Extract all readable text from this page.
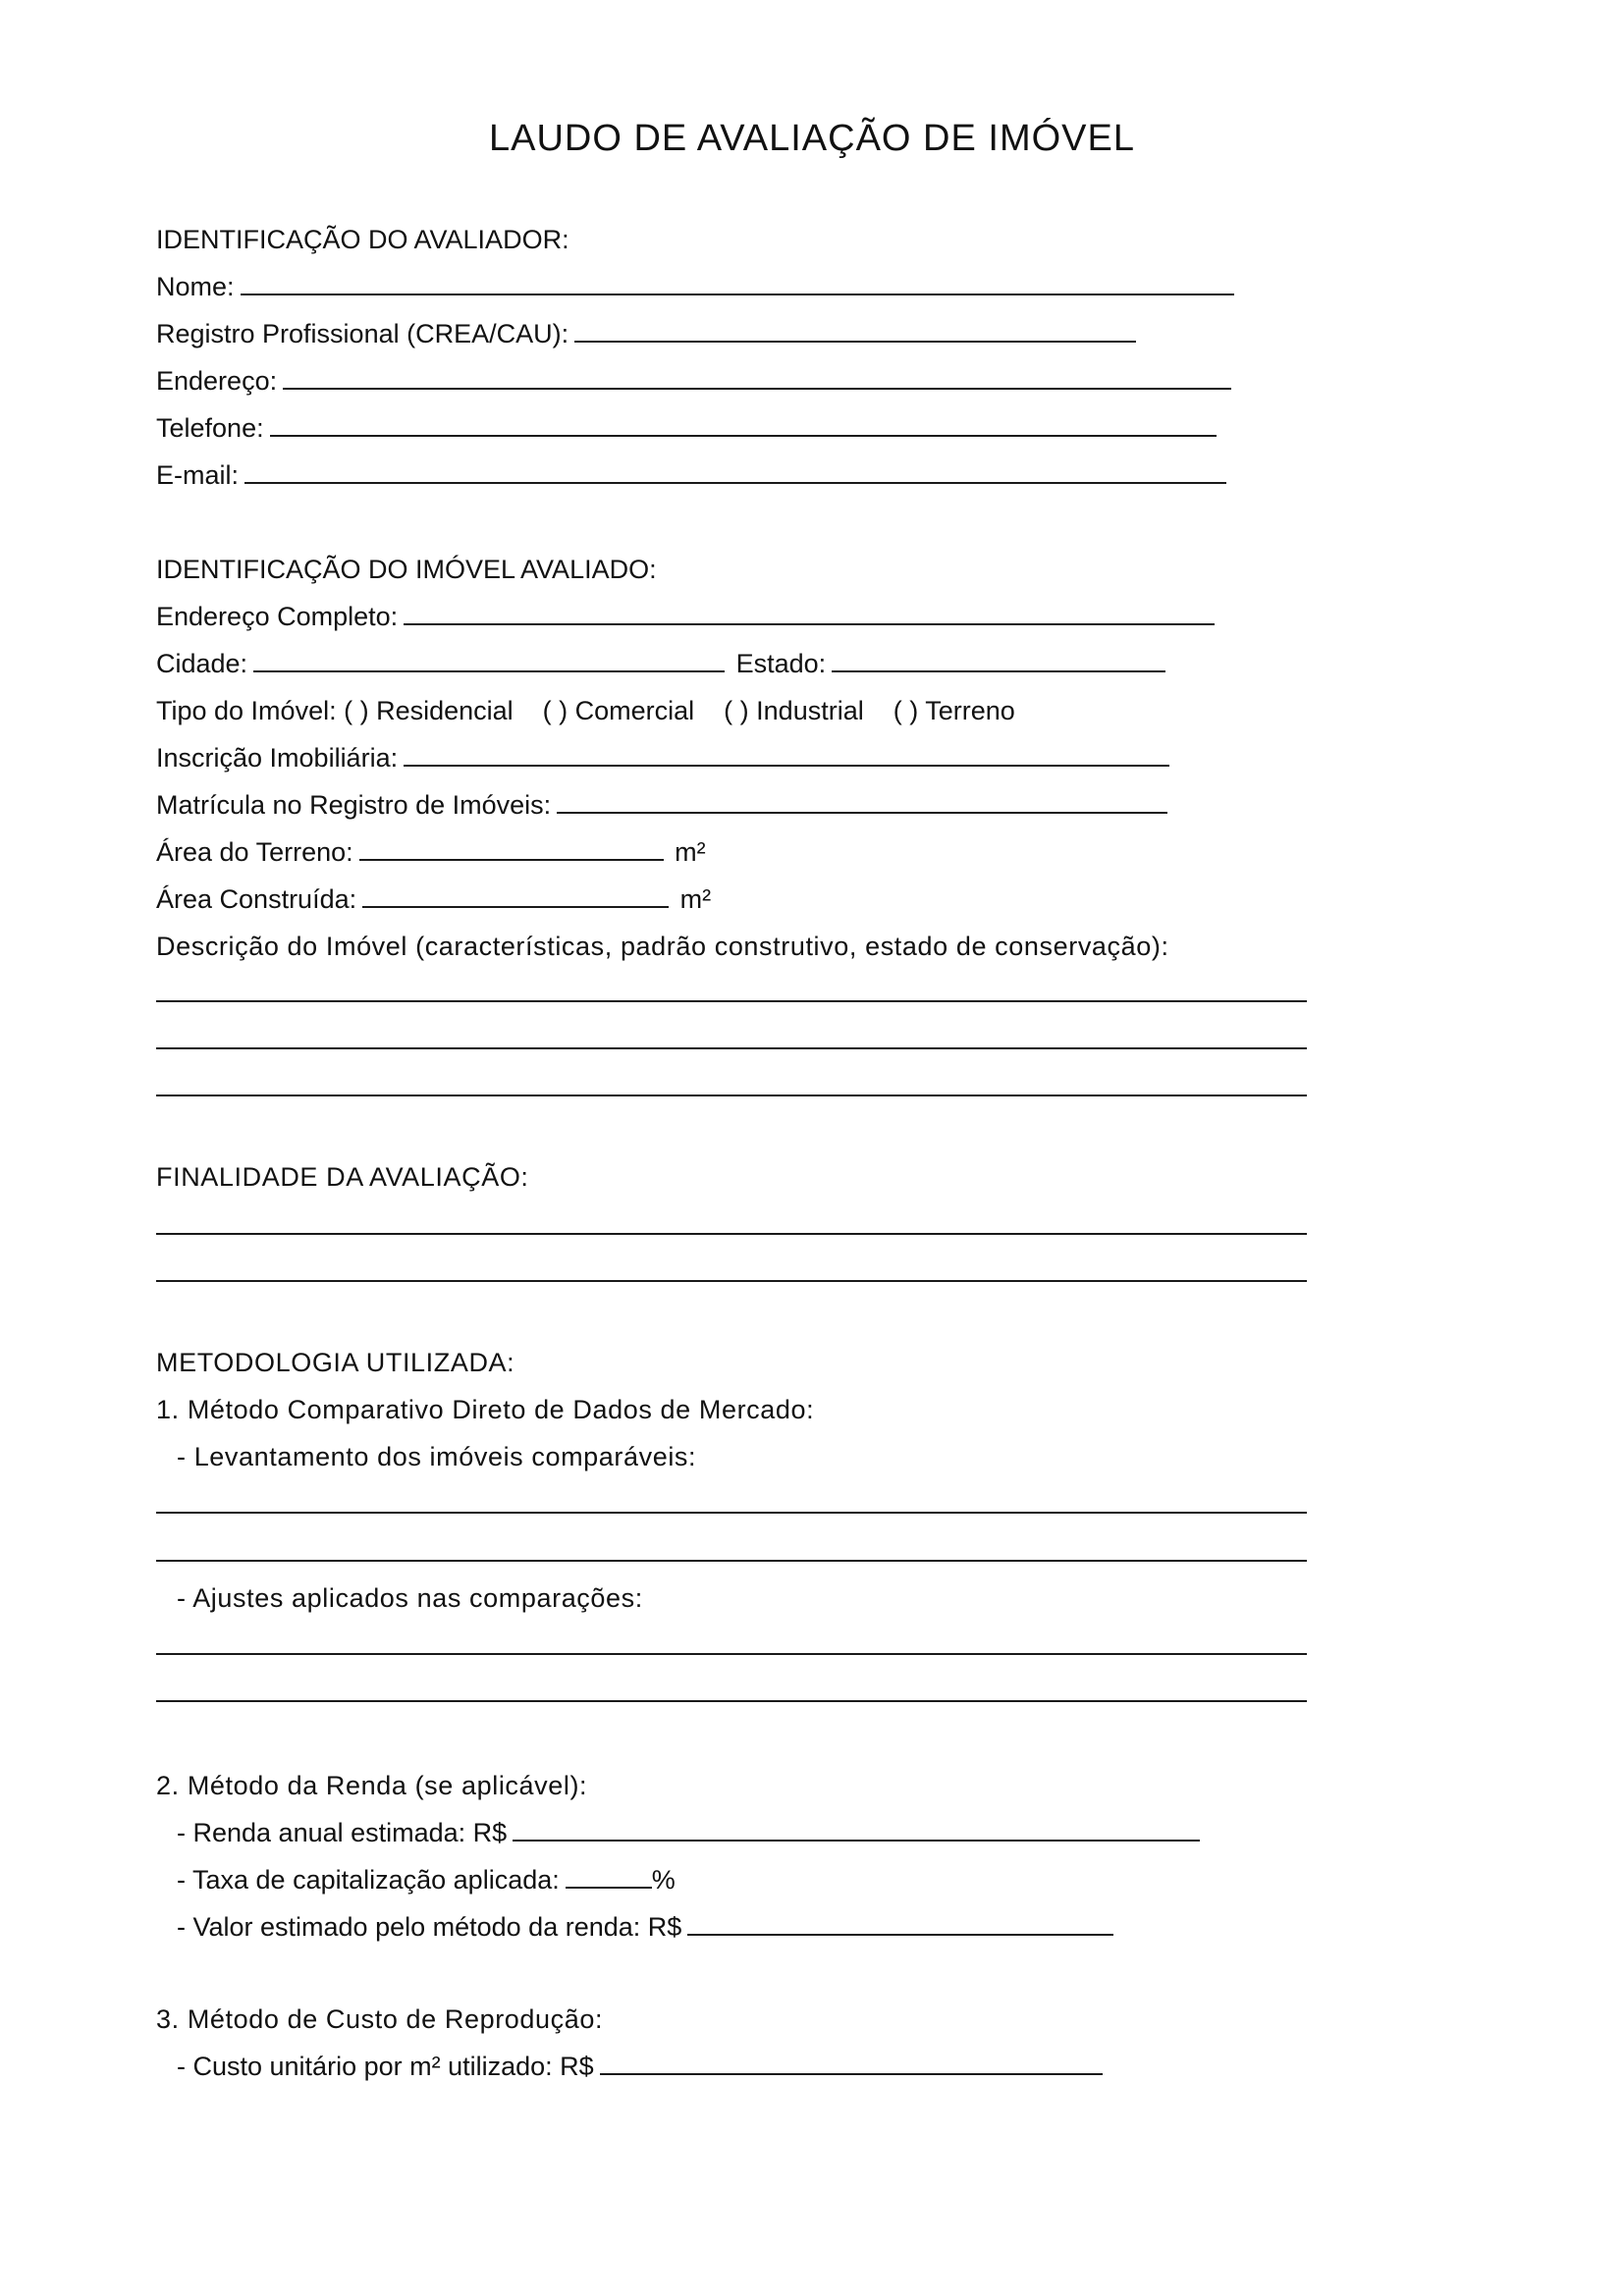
LAUDO DE AVALIAÇÃO DE IMÓVEL
IDENTIFICAÇÃO DO AVALIADOR:
Nome:
Registro Profissional (CREA/CAU):
Endereço:
Telefone:
E-mail:
IDENTIFICAÇÃO DO IMÓVEL AVALIADO:
Endereço Completo:
Cidade:	Estado:
Tipo do Imóvel: ( ) Residencial ( ) Comercial ( ) Industrial ( ) Terreno
Inscrição Imobiliária:
Matrícula no Registro de Imóveis:
Área do Terreno:	m²
Área Construída:	m²
Descrição do Imóvel (características, padrão construtivo, estado de conservação):
FINALIDADE DA AVALIAÇÃO:
METODOLOGIA UTILIZADA:
1. Método Comparativo Direto de Dados de Mercado:
- Levantamento dos imóveis comparáveis:
- Ajustes aplicados nas comparações:
2. Método da Renda (se aplicável):
- Renda anual estimada: R$
- Taxa de capitalização aplicada:	%
- Valor estimado pelo método da renda: R$
3. Método de Custo de Reprodução:
- Custo unitário por m² utilizado: R$
